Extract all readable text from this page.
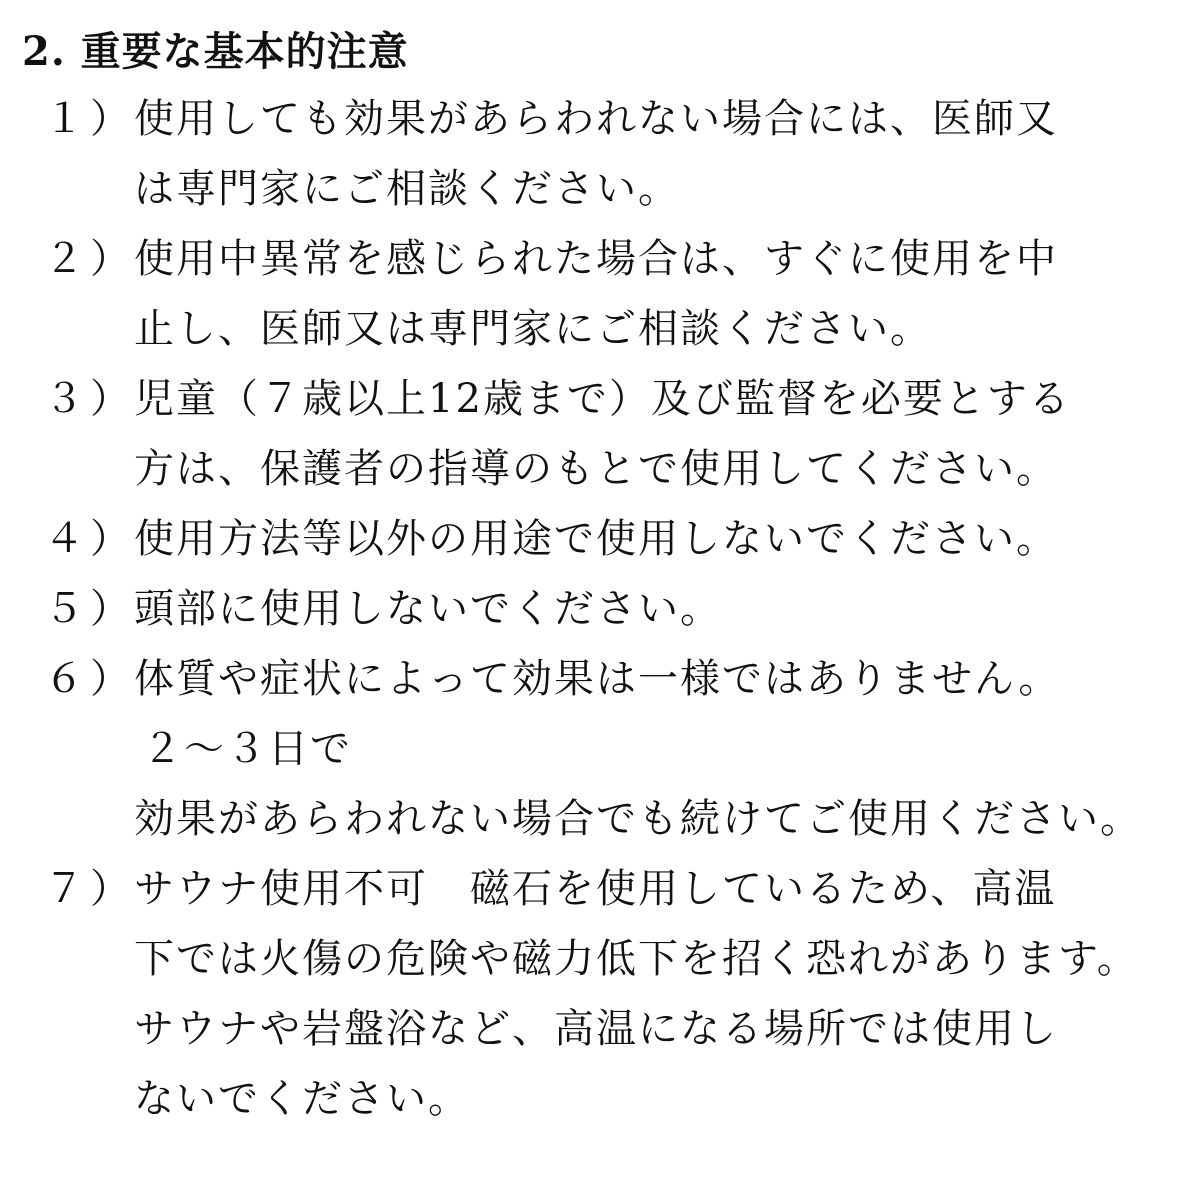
2. 重要な基本的注意
１）
使用しても効果があらわれない場合には、医師又
は専門家にご相談ください。
２）
使用中異常を感じられた場合は、すぐに使用を中
止し、医師又は専門家にご相談ください。
３）
児童（７歳以上12歳まで）及び監督を必要とする
方は、保護者の指導のもとで使用してください。
４）
使用方法等以外の用途で使用しないでください。
５）
頭部に使用しないでください。
６）
体質や症状によって効果は一様ではありません。
２～３日で
効果があらわれない場合でも続けてご使用ください。
７）
サウナ使用不可　磁石を使用しているため、高温
下では火傷の危険や磁力低下を招く恐れがあります。
サウナや岩盤浴など、高温になる場所では使用し
ないでください。
